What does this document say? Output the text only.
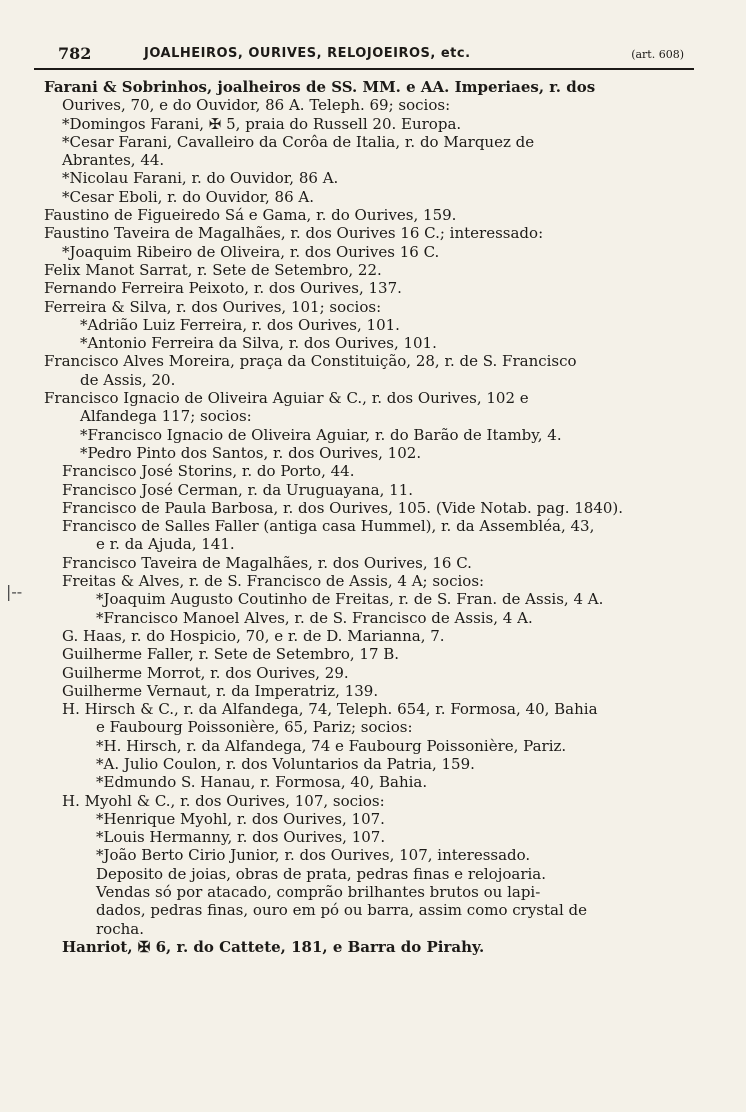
782	JOALHEIROS, OURIVES, RELOJOEIROS, etc.	(art. 608)
|--
Farani & Sobrinhos, joalheiros de SS. MM. e AA. Imperiaes, r. dos
Ourives, 70, e do Ouvidor, 86 A. Teleph. 69; socios:
*Domingos Farani, ✠ 5, praia do Russell 20. Europa.
*Cesar Farani, Cavalleiro da Corôa de Italia, r. do Marquez de
Abrantes, 44.
*Nicolau Farani, r. do Ouvidor, 86 A.
*Cesar Eboli, r. do Ouvidor, 86 A.
Faustino de Figueiredo Sá e Gama, r. do Ourives, 159.
Faustino Taveira de Magalhães, r. dos Ourives 16 C.; interessado:
*Joaquim Ribeiro de Oliveira, r. dos Ourives 16 C.
Felix Manot Sarrat, r. Sete de Setembro, 22.
Fernando Ferreira Peixoto, r. dos Ourives, 137.
Ferreira & Silva, r. dos Ourives, 101; socios:
*Adrião Luiz Ferreira, r. dos Ourives, 101.
*Antonio Ferreira da Silva, r. dos Ourives, 101.
Francisco Alves Moreira, praça da Constituição, 28, r. de S. Francisco
de Assis, 20.
Francisco Ignacio de Oliveira Aguiar & C., r. dos Ourives, 102 e
Alfandega 117; socios:
*Francisco Ignacio de Oliveira Aguiar, r. do Barão de Itamby, 4.
*Pedro Pinto dos Santos, r. dos Ourives, 102.
Francisco José Storins, r. do Porto, 44.
Francisco José Cerman, r. da Uruguayana, 11.
Francisco de Paula Barbosa, r. dos Ourives, 105. (Vide Notab. pag. 1840).
Francisco de Salles Faller (antiga casa Hummel), r. da Assembléa, 43,
e r. da Ajuda, 141.
Francisco Taveira de Magalhães, r. dos Ourives, 16 C.
Freitas & Alves, r. de S. Francisco de Assis, 4 A; socios:
*Joaquim Augusto Coutinho de Freitas, r. de S. Fran. de Assis, 4 A.
*Francisco Manoel Alves, r. de S. Francisco de Assis, 4 A.
G. Haas, r. do Hospicio, 70, e r. de D. Marianna, 7.
Guilherme Faller, r. Sete de Setembro, 17 B.
Guilherme Morrot, r. dos Ourives, 29.
Guilherme Vernaut, r. da Imperatriz, 139.
H. Hirsch & C., r. da Alfandega, 74, Teleph. 654, r. Formosa, 40, Bahia
e Faubourg Poissonière, 65, Pariz; socios:
*H. Hirsch, r. da Alfandega, 74 e Faubourg Poissonière, Pariz.
*A. Julio Coulon, r. dos Voluntarios da Patria, 159.
*Edmundo S. Hanau, r. Formosa, 40, Bahia.
H. Myohl & C., r. dos Ourives, 107, socios:
*Henrique Myohl, r. dos Ourives, 107.
*Louis Hermanny, r. dos Ourives, 107.
*João Berto Cirio Junior, r. dos Ourives, 107, interessado.
Deposito de joias, obras de prata, pedras finas e relojoaria.
Vendas só por atacado, comprão brilhantes brutos ou lapi-
dados, pedras finas, ouro em pó ou barra, assim como crystal de
rocha.
Hanriot, ✠ 6, r. do Cattete, 181, e Barra do Pirahy.
